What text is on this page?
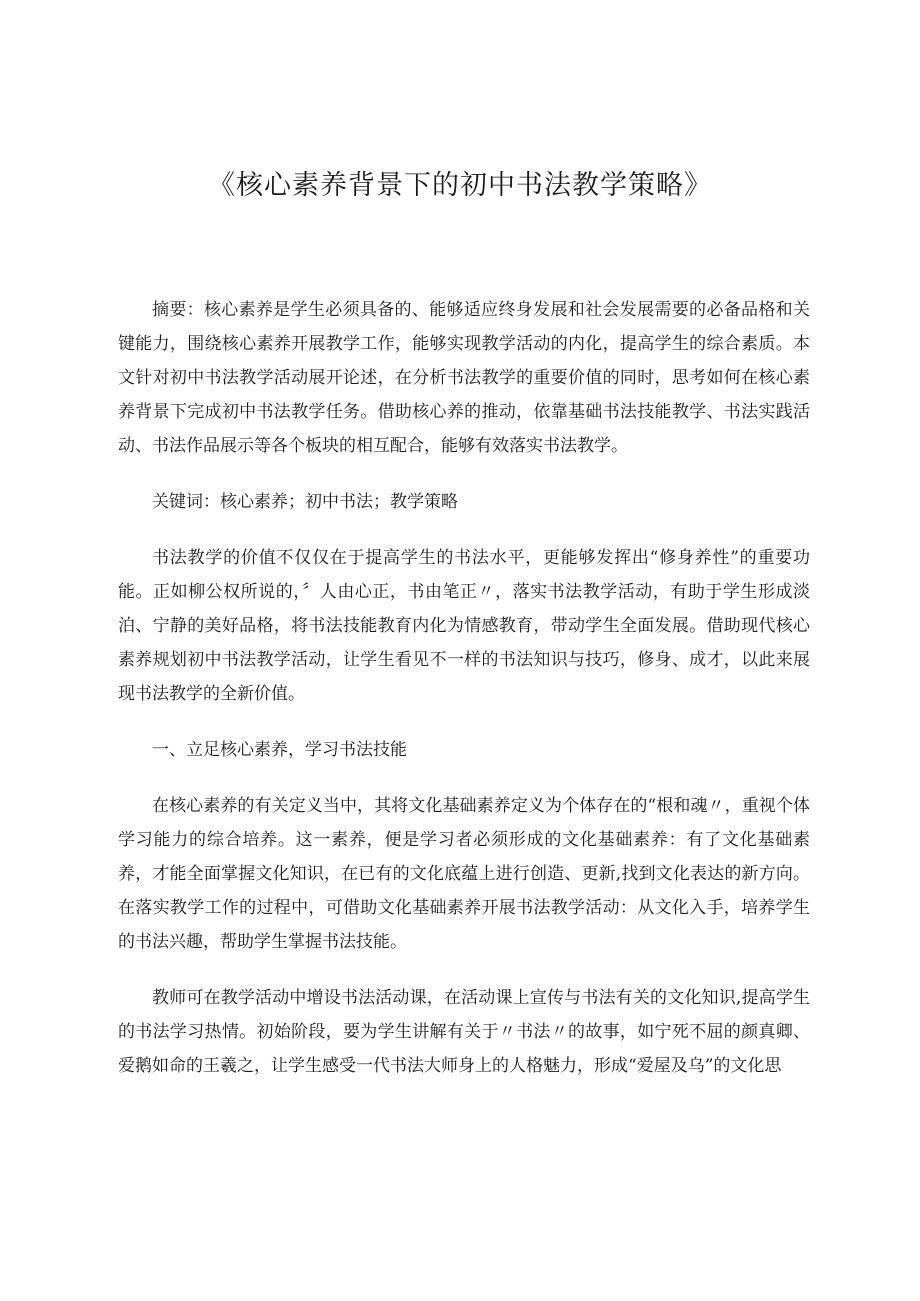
《核心素养背景下的初中书法教学策略》

摘要：核心素养是学生必须具备的、能够适应终身发展和社会发展需要的必备品格和关键能力，围绕核心素养开展教学工作，能够实现教学活动的内化，提高学生的综合素质。本文针对初中书法教学活动展开论述，在分析书法教学的重要价值的同时，思考如何在核心素养背景下完成初中书法教学任务。借助核心养的推动，依靠基础书法技能教学、书法实践活动、书法作品展示等各个板块的相互配合，能够有效落实书法教学。

关键词：核心素养；初中书法；教学策略

书法教学的价值不仅仅在于提高学生的书法水平，更能够发挥出“修身养性”的重要功能。正如柳公权所说的，〞人由心正，书由笔正〃，落实书法教学活动，有助于学生形成淡泊、宁静的美好品格，将书法技能教育内化为情感教育，带动学生全面发展。借助现代核心素养规划初中书法教学活动，让学生看见不一样的书法知识与技巧，修身、成才，以此来展现书法教学的全新价值。

一、立足核心素养，学习书法技能

在核心素养的有关定义当中，其将文化基础素养定义为个体存在的“根和魂〃，重视个体学习能力的综合培养。这一素养，便是学习者必须形成的文化基础素养：有了文化基础素养，才能全面掌握文化知识，在已有的文化底蕴上进行创造、更新,找到文化表达的新方向。在落实教学工作的过程中，可借助文化基础素养开展书法教学活动：从文化入手，培养学生的书法兴趣，帮助学生掌握书法技能。

教师可在教学活动中增设书法活动课，在活动课上宣传与书法有关的文化知识,提高学生的书法学习热情。初始阶段，要为学生讲解有关于〃书法〃的故事，如宁死不屈的颜真卿、爱鹅如命的王羲之，让学生感受一代书法大师身上的人格魅力，形成“爱屋及乌”的文化思
